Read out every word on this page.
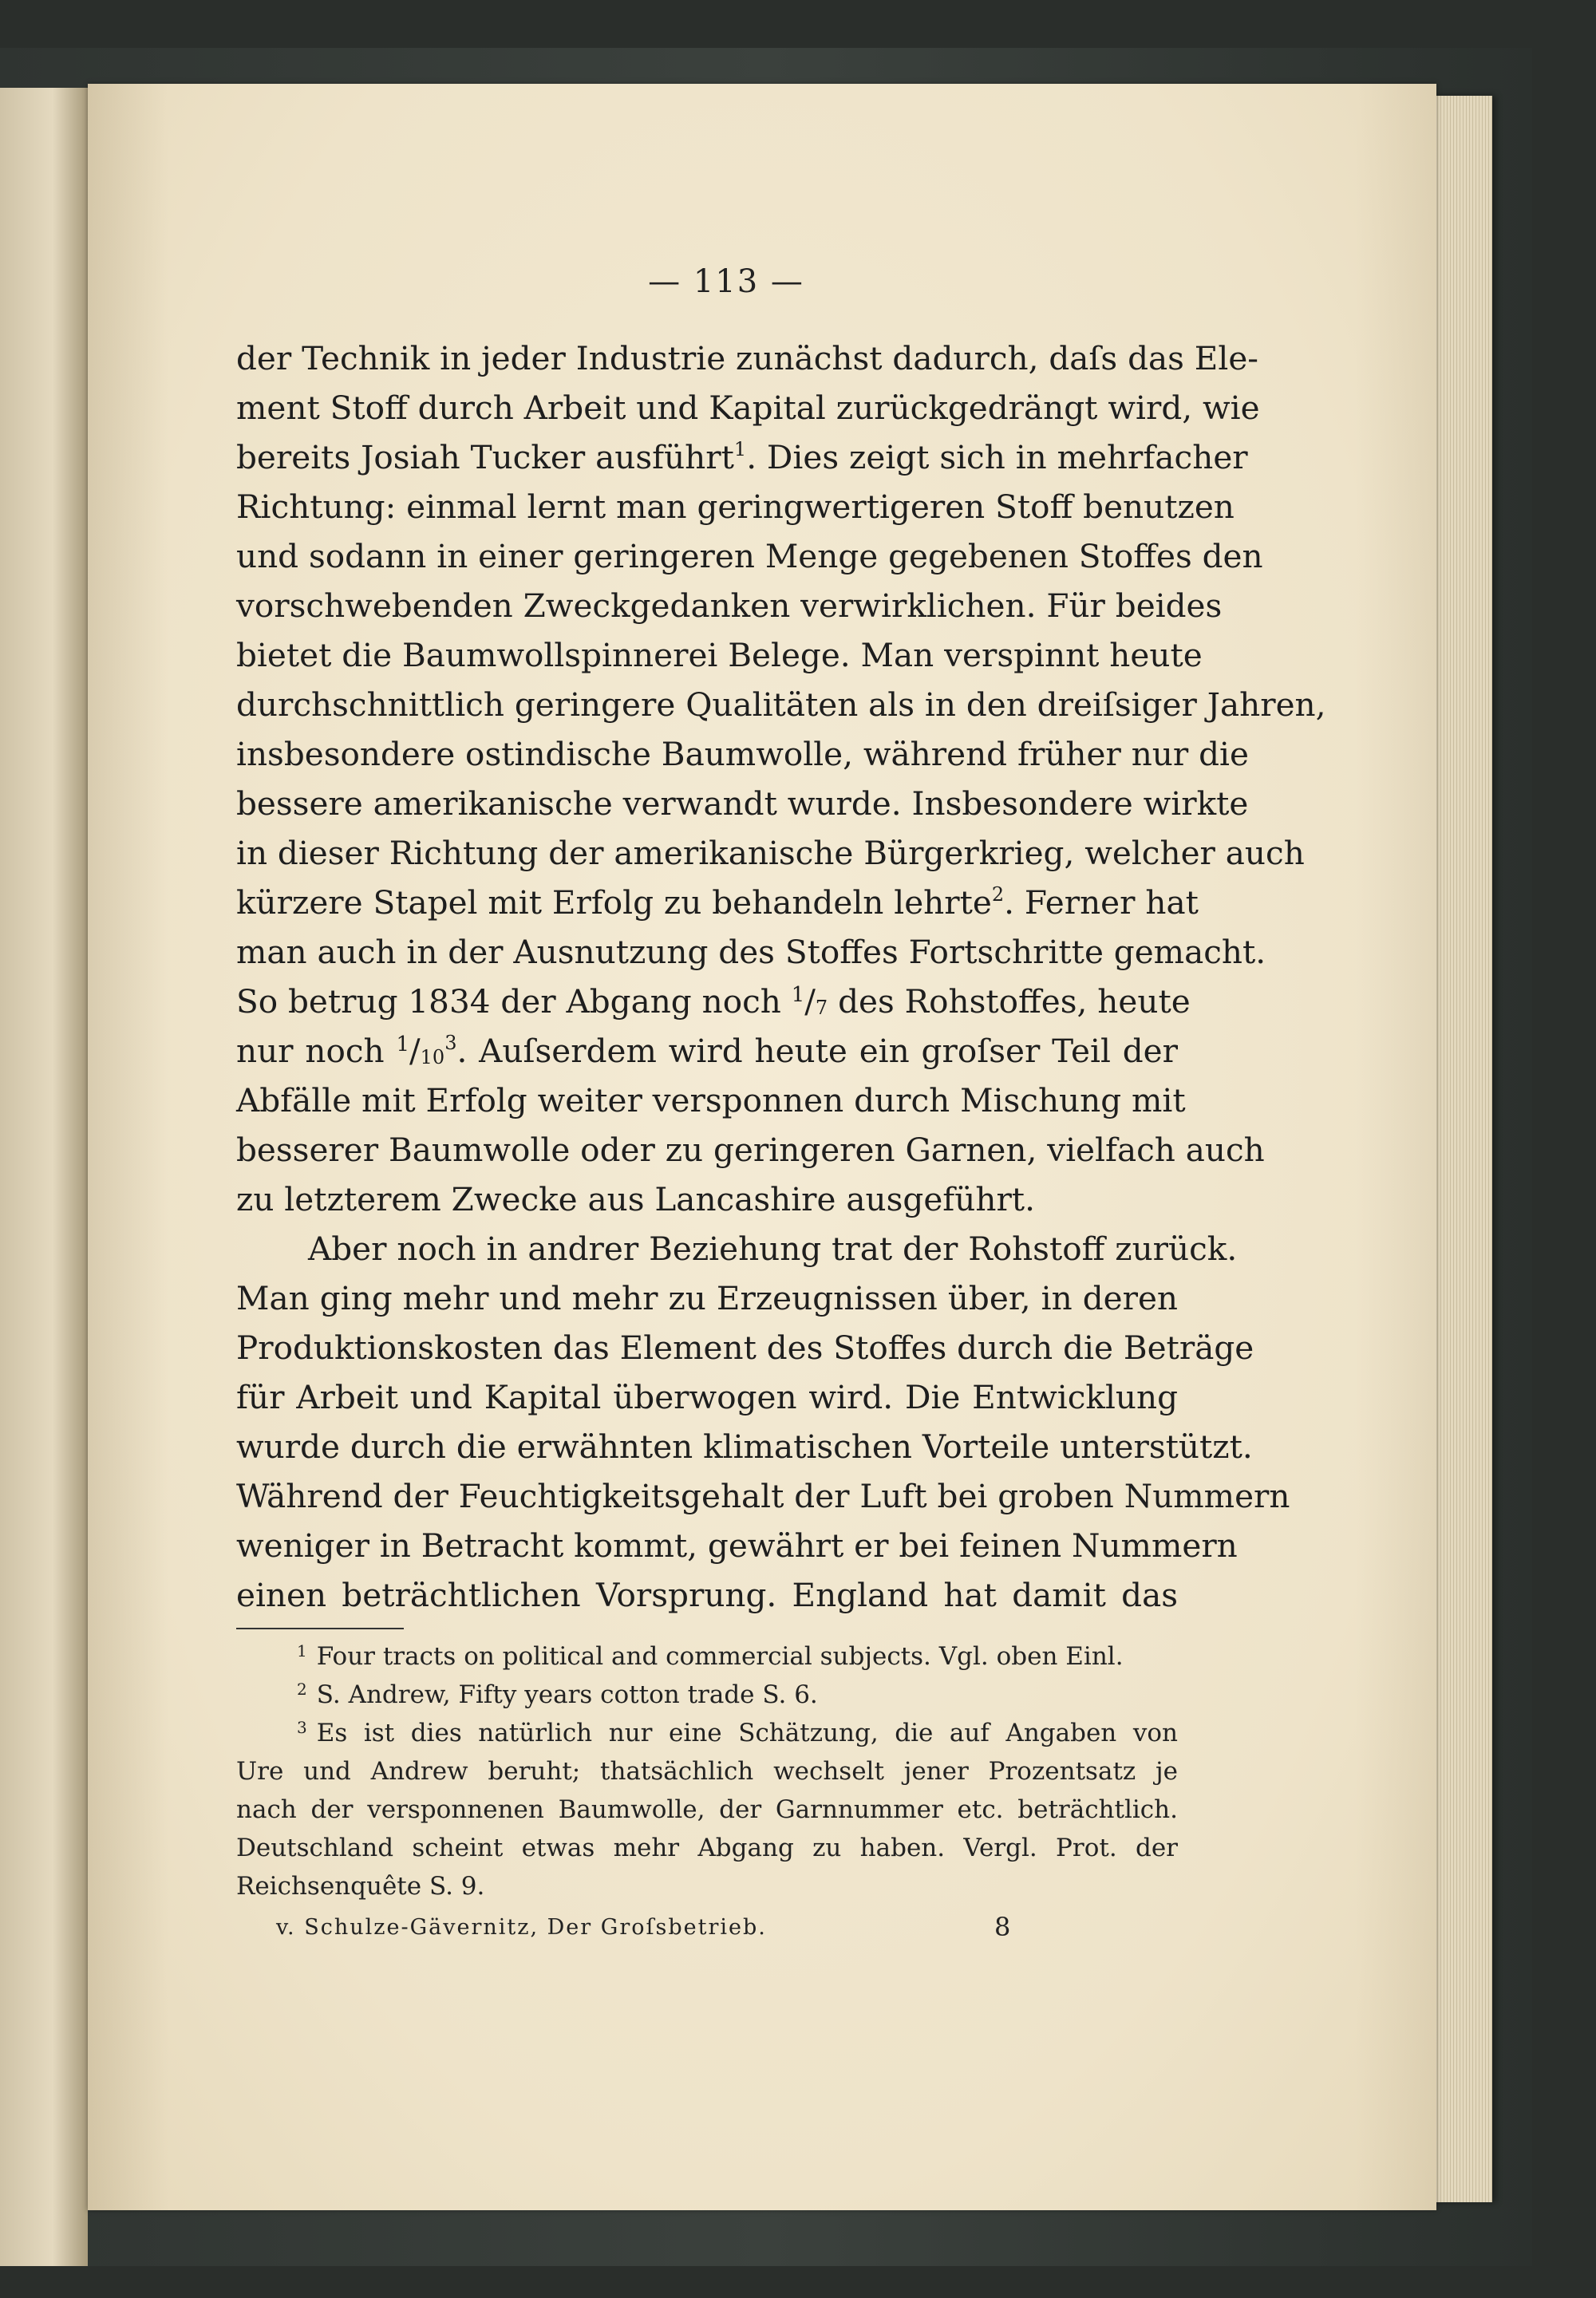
— 113 —
der Technik in jeder Industrie zunächst dadurch, daſs das Ele-
ment Stoff durch Arbeit und Kapital zurückgedrängt wird, wie
bereits Josiah Tucker ausführt$^1$. Dies zeigt sich in mehrfacher
Richtung: einmal lernt man geringwertigeren Stoff benutzen
und sodann in einer geringeren Menge gegebenen Stoffes den
vorschwebenden Zweckgedanken verwirklichen. Für beides
bietet die Baumwollspinnerei Belege. Man verspinnt heute
durchschnittlich geringere Qualitäten als in den dreiſsiger Jahren,
insbesondere ostindische Baumwolle, während früher nur die
bessere amerikanische verwandt wurde. Insbesondere wirkte
in dieser Richtung der amerikanische Bürgerkrieg, welcher auch
kürzere Stapel mit Erfolg zu behandeln lehrte$^2$. Ferner hat
man auch in der Ausnutzung des Stoffes Fortschritte gemacht.
So betrug 1834 der Abgang noch $^1/_7$ des Rohstoffes, heute
nur noch $^1/_{10}^3$. Auſserdem wird heute ein groſser Teil der
Abfälle mit Erfolg weiter versponnen durch Mischung mit
besserer Baumwolle oder zu geringeren Garnen, vielfach auch
zu letzterem Zwecke aus Lancashire ausgeführt.
Aber noch in andrer Beziehung trat der Rohstoff zurück.
Man ging mehr und mehr zu Erzeugnissen über, in deren
Produktionskosten das Element des Stoffes durch die Beträge
für Arbeit und Kapital überwogen wird. Die Entwicklung
wurde durch die erwähnten klimatischen Vorteile unterstützt.
Während der Feuchtigkeitsgehalt der Luft bei groben Nummern
weniger in Betracht kommt, gewährt er bei feinen Nummern
einen beträchtlichen Vorsprung. England hat damit das
$^1$ Four tracts on political and commercial subjects. Vgl. oben Einl.
$^2$ S. Andrew, Fifty years cotton trade S. 6.
$^3$ Es ist dies natürlich nur eine Schätzung, die auf Angaben von
Ure und Andrew beruht; thatsächlich wechselt jener Prozentsatz je
nach der versponnenen Baumwolle, der Garnnummer etc. beträchtlich.
Deutschland scheint etwas mehr Abgang zu haben. Vergl. Prot. der
Reichsenquête S. 9.
v. Schulze-Gävernitz, Der Groſsbetrieb.	8
